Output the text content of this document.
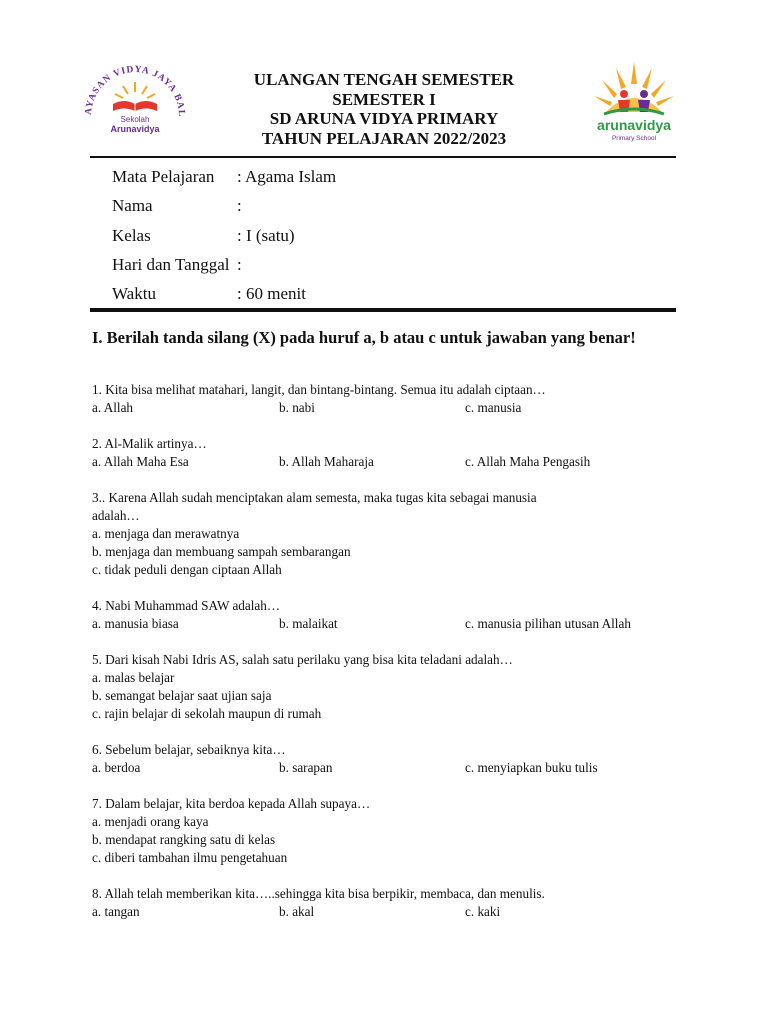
AYASAN VIDYA JAYA BAL
Sekolah
Arunavidya
ULANGAN TENGAH SEMESTER
SEMESTER I
SD ARUNA VIDYA PRIMARY
TAHUN PELAJARAN 2022/2023
arunavidya
Primary School
Mata Pelajaran : Agama Islam
Nama	:
Kelas	: I (satu)
Hari dan Tanggal :
Waktu	: 60 menit
I. Berilah tanda silang (X) pada huruf a, b atau c untuk jawaban yang benar!
1. Kita bisa melihat matahari, langit, dan bintang-bintang. Semua itu adalah ciptaan…
a. Allah	b. nabi	c. manusia
2. Al-Malik artinya…
a. Allah Maha Esa	b. Allah Maharaja	c. Allah Maha Pengasih
3.. Karena Allah sudah menciptakan alam semesta, maka tugas kita sebagai manusia
adalah…
a. menjaga dan merawatnya
b. menjaga dan membuang sampah sembarangan
c. tidak peduli dengan ciptaan Allah
4. Nabi Muhammad SAW adalah…
a. manusia biasa	b. malaikat	c. manusia pilihan utusan Allah
5. Dari kisah Nabi Idris AS, salah satu perilaku yang bisa kita teladani adalah…
a. malas belajar
b. semangat belajar saat ujian saja
c. rajin belajar di sekolah maupun di rumah
6. Sebelum belajar, sebaiknya kita…
a. berdoa	b. sarapan	c. menyiapkan buku tulis
7. Dalam belajar, kita berdoa kepada Allah supaya…
a. menjadi orang kaya
b. mendapat rangking satu di kelas
c. diberi tambahan ilmu pengetahuan
8. Allah telah memberikan kita…..sehingga kita bisa berpikir, membaca, dan menulis.
a. tangan	b. akal	c. kaki
